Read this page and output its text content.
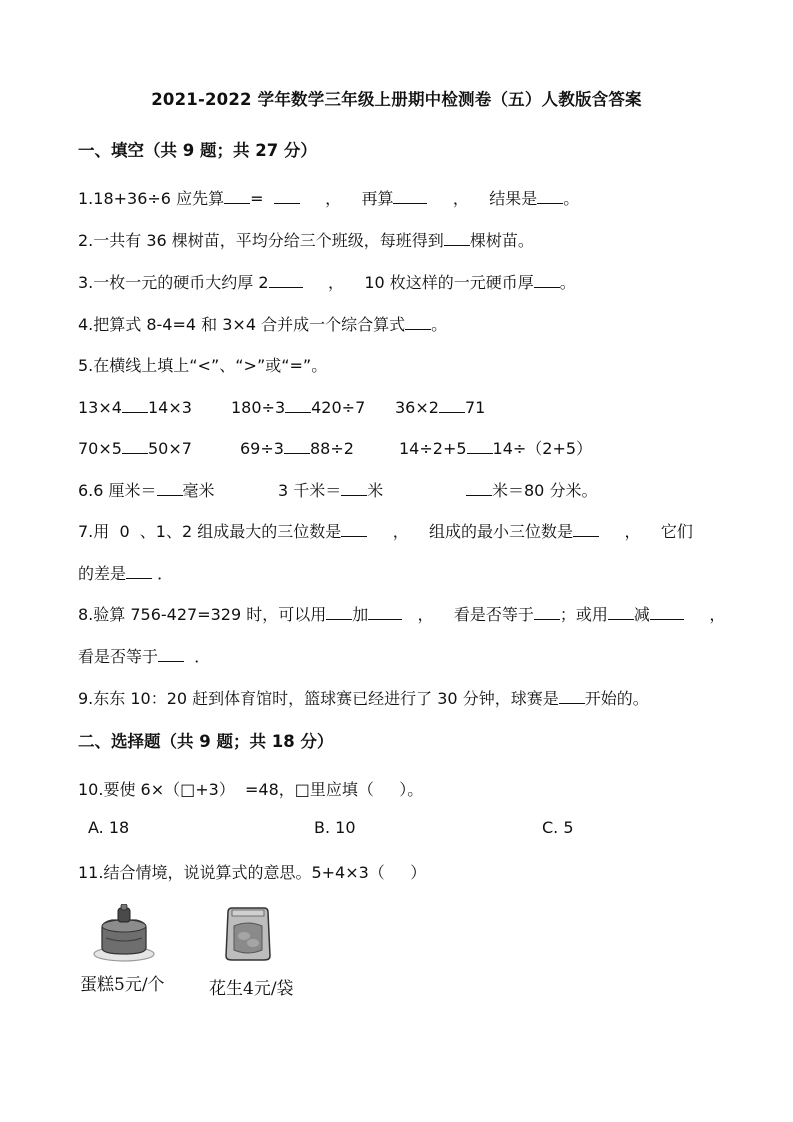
2021-2022 学年数学三年级上册期中检测卷（五）人教版含答案
一、填空（共 9 题；共 27 分）
1.18+36÷6 应先算 =	， 再算	， 结果是 。
2.一共有 36 棵树苗，平均分给三个班级，每班得到 棵树苗。
3.一枚一元的硬币大约厚 2	， 10 枚这样的一元硬币厚 。
4.把算式 8-4=4 和 3×4 合并成一个综合算式 。
5.在横线上填上“<”、“>”或“=”。
13×4 14×3 180÷3 420÷7 36×2 71
70×5 50×7	69÷3 88÷2	14÷2+5 14÷（2+5）
6.6 厘米＝ 毫米	3 千米＝ 米	米＝80 分米。
7.用  0  、1、2 组成最大的三位数是	， 组成的最小三位数是	， 它们
的差是 ．
8.验算 756-427=329 时，可以用 加	， 看是否等于 ；或用 减	，
看是否等于 ．
9.东东 10：20 赶到体育馆时，篮球赛已经进行了 30 分钟，球赛是 开始的。
二、选择题（共 9 题；共 18 分）
10.要使 6×（□+3）  =48，□里应填（     ）。
A. 18	B. 10	C. 5
11.结合情境，说说算式的意思。5+4×3（     ）
蛋糕5元/个	花生4元/袋
